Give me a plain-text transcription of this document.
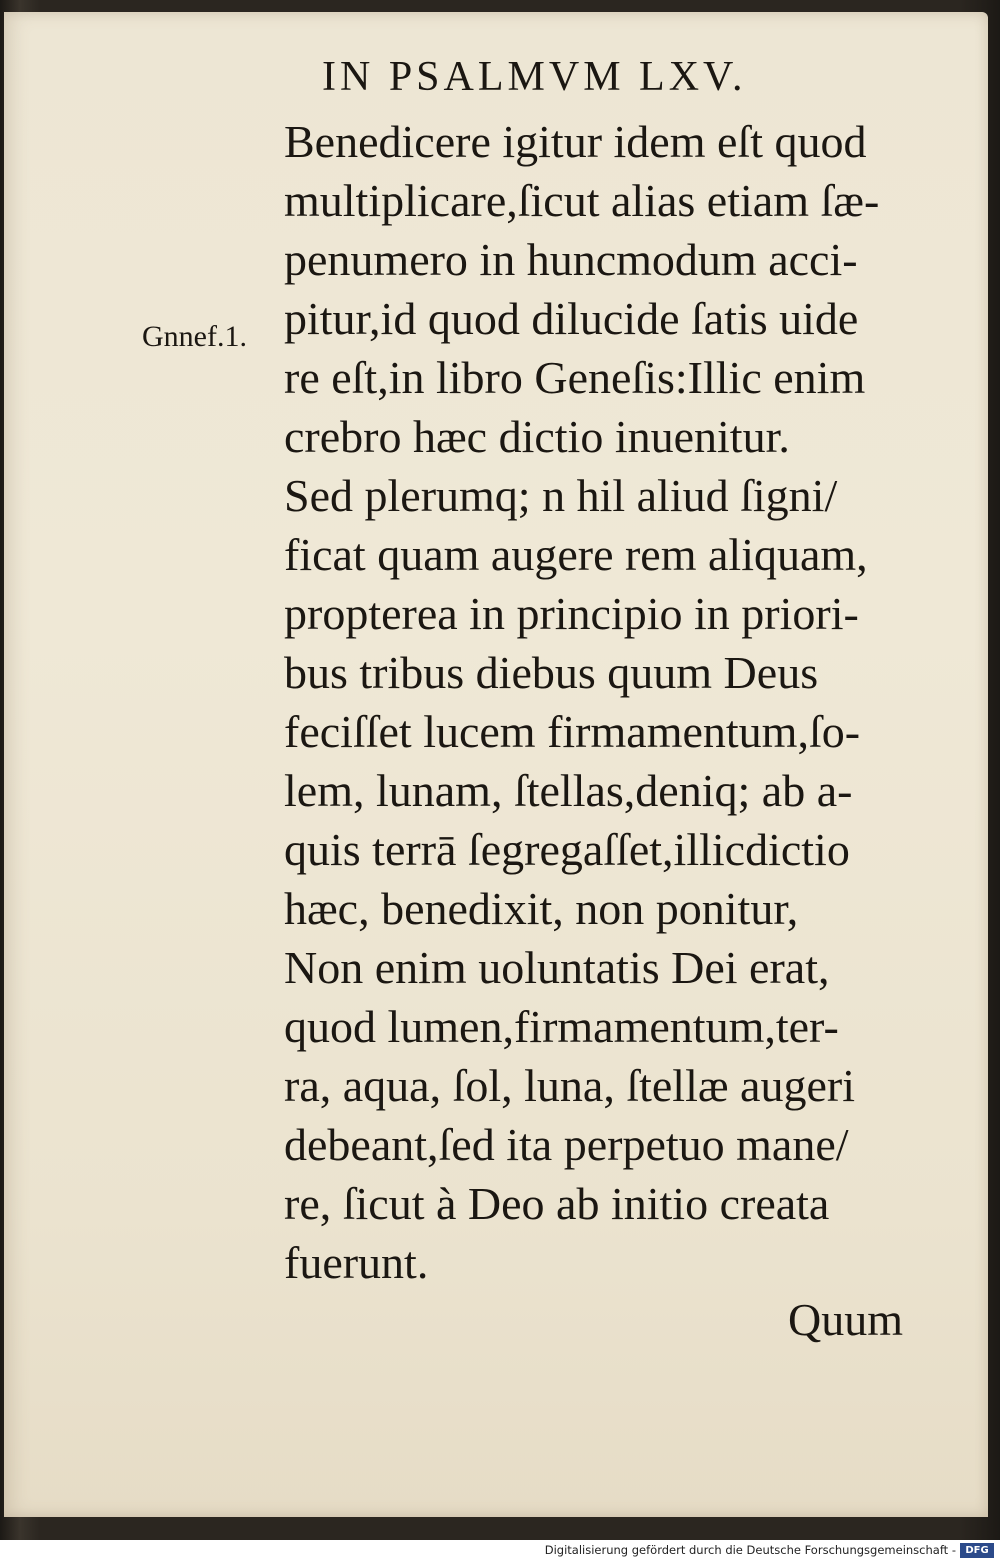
IN PSALMVM LXV.
Gnnef.1.
Benedicere igitur idem eſt quod
multiplicare,ſicut alias etiam ſæ-
penumero in huncmodum acci-
pitur,id quod dilucide ſatis uide
re eſt,in libro Geneſis:Illic enim
crebro hæc dictio inuenitur.
Sed plerumq; n hil aliud ſigni/
ficat quam augere rem aliquam,
propterea in principio in priori-
bus tribus diebus quum Deus
feciſſet lucem firmamentum,ſo-
lem, lunam, ſtellas,deniq; ab a-
quis terrā ſegregaſſet,illicdictio
hæc, benedixit, non ponitur,
Non enim uoluntatis Dei erat,
quod lumen,firmamentum,ter-
ra, aqua, ſol, luna, ſtellæ augeri
debeant,ſed ita perpetuo mane/
re, ſicut à Deo ab initio creata
fuerunt.
Quum
Digitalisierung gefördert durch die Deutsche Forschungsgemeinschaft - DFG
